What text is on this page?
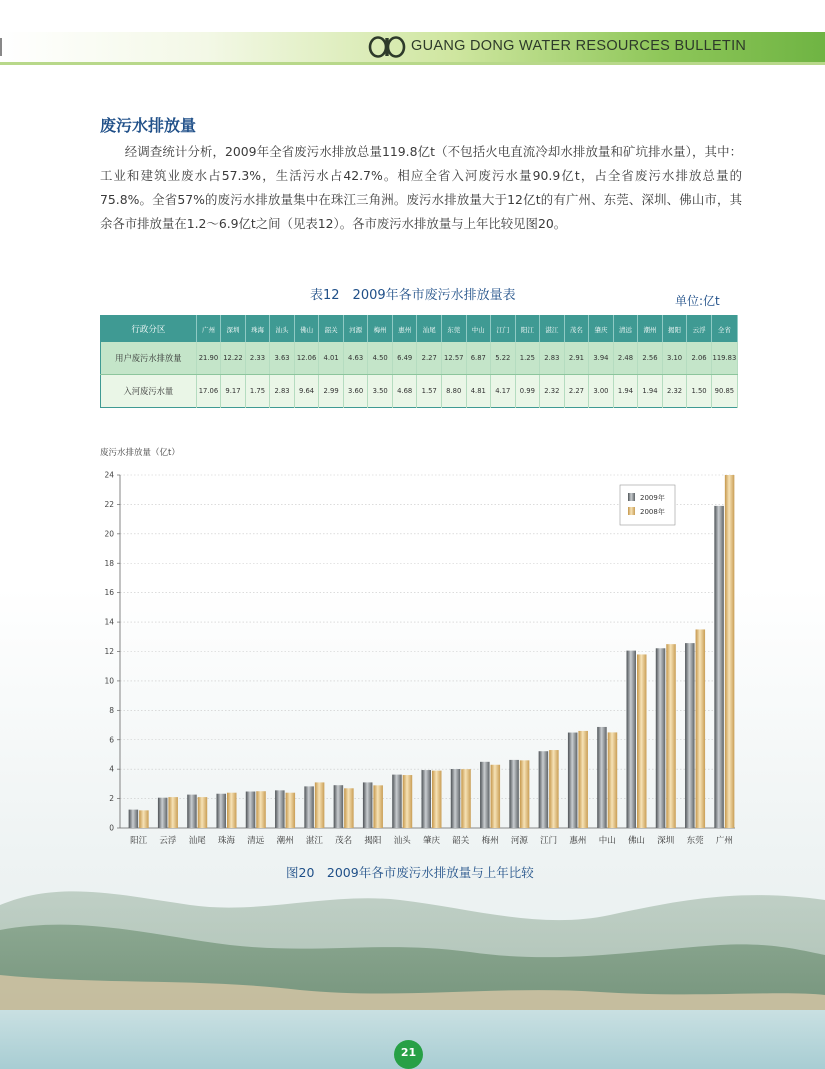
GUANG DONG WATER RESOURCES BULLETIN
废污水排放量

经调查统计分析，2009年全省废污水排放总量119.8亿t（不包括火电直流冷却水排放量和矿坑排水量），其中：工业和建筑业废水占57.3%，生活污水占42.7%。相应全省入河废污水量90.9亿t，占全省废污水排放总量的75.8%。全省57%的废污水排放量集中在珠江三角洲。废污水排放量大于12亿t的有广州、东莞、深圳、佛山市，其余各市排放量在1.2～6.9亿t之间（见表12）。各市废污水排放量与上年比较见图20。

表12　2009年各市废污水排放量表	单位:亿t
行政分区	广州	深圳	珠海	汕头	佛山	韶关	河源	梅州	惠州	汕尾	东莞	中山	江门	阳江	湛江	茂名	肇庆	清远	潮州	揭阳	云浮	全省
用户废污水排放量	21.90	12.22	2.33	3.63	12.06	4.01	4.63	4.50	6.49	2.27	12.57	6.87	5.22	1.25	2.83	2.91	3.94	2.48	2.56	3.10	2.06	119.83
入河废污水量	17.06	9.17	1.75	2.83	9.64	2.99	3.60	3.50	4.68	1.57	8.80	4.81	4.17	0.99	2.32	2.27	3.00	1.94	1.94	2.32	1.50	90.85
废污水排放量（亿t）
0
2
4
6
8
10
12
14
16
18
20
22
24
阳江 云浮 汕尾 珠海 清远 潮州 湛江 茂名 揭阳 汕头 肇庆 韶关 梅州 河源 江门 惠州 中山 佛山 深圳 东莞 广州
2009年
2008年
图20　2009年各市废污水排放量与上年比较
21
